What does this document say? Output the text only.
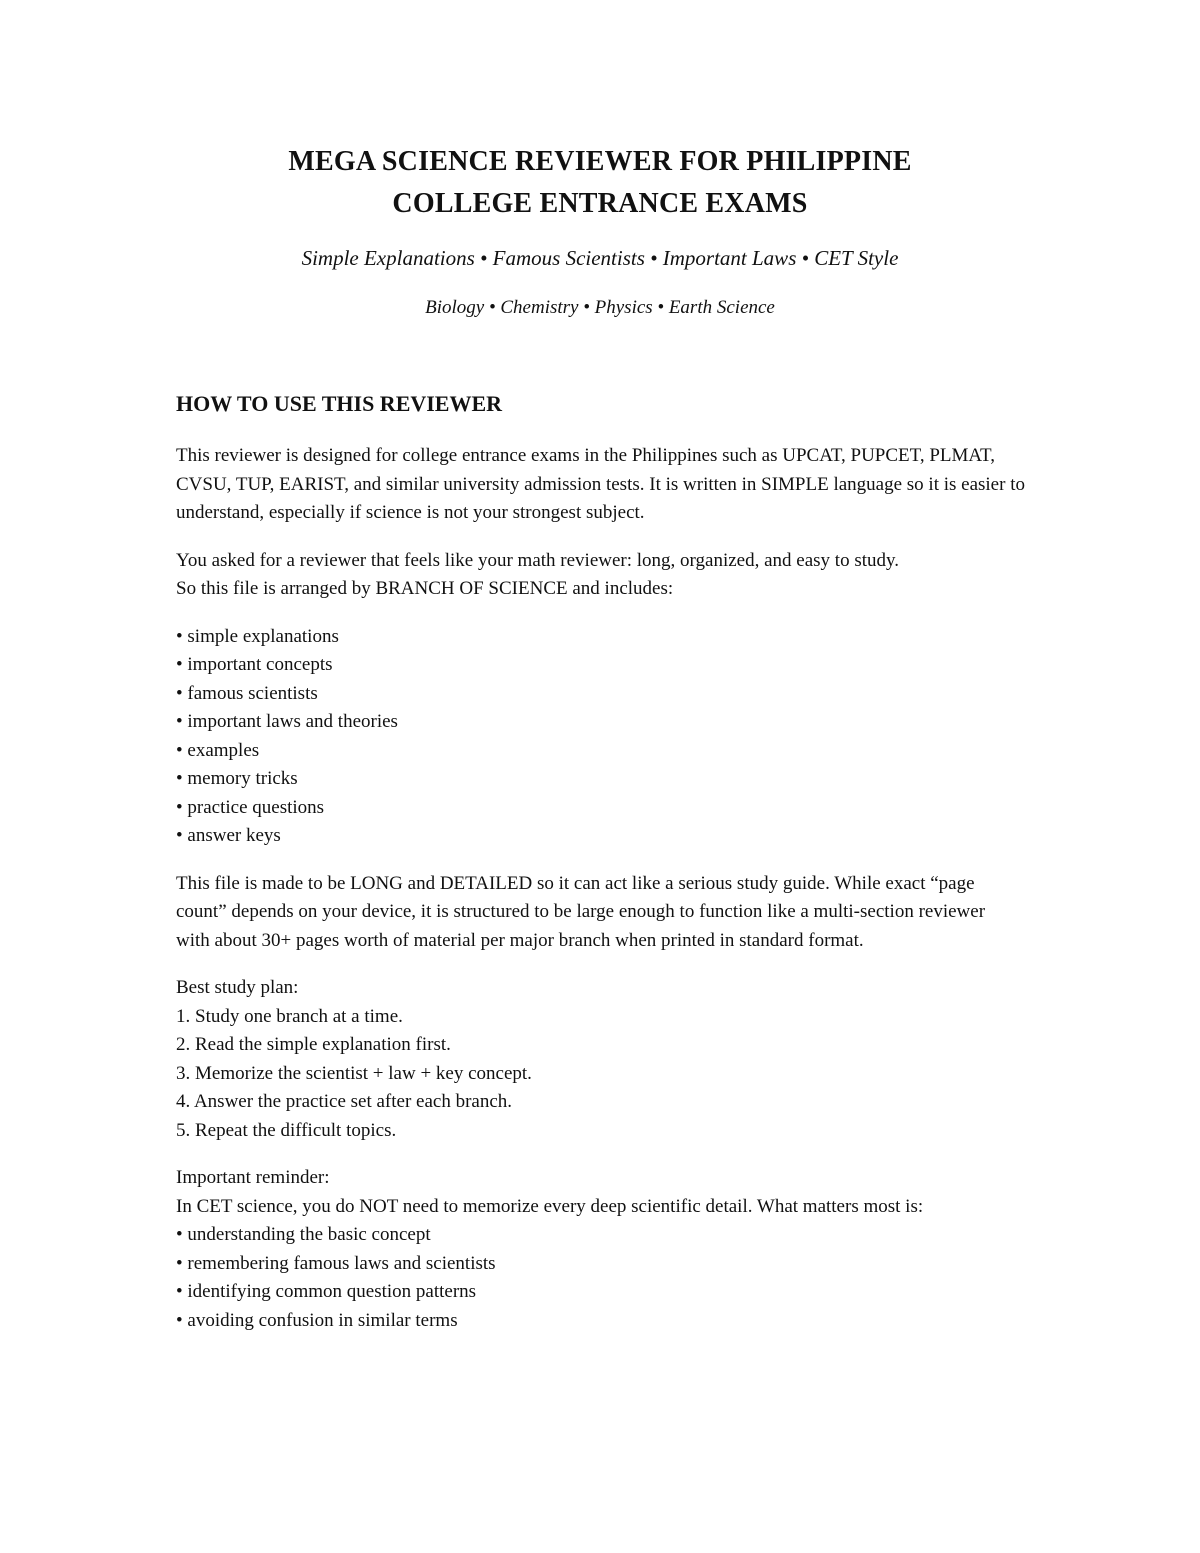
MEGA SCIENCE REVIEWER FOR PHILIPPINE
COLLEGE ENTRANCE EXAMS
Simple Explanations • Famous Scientists • Important Laws • CET Style
Biology • Chemistry • Physics • Earth Science
HOW TO USE THIS REVIEWER

This reviewer is designed for college entrance exams in the Philippines such as UPCAT, PUPCET, PLMAT, CVSU, TUP, EARIST, and similar university admission tests. It is written in SIMPLE language so it is easier to understand, especially if science is not your strongest subject.

You asked for a reviewer that feels like your math reviewer: long, organized, and easy to study.
So this file is arranged by BRANCH OF SCIENCE and includes:
• simple explanations
• important concepts
• famous scientists
• important laws and theories
• examples
• memory tricks
• practice questions
• answer keys

This file is made to be LONG and DETAILED so it can act like a serious study guide. While exact “page count” depends on your device, it is structured to be large enough to function like a multi-section reviewer with about 30+ pages worth of material per major branch when printed in standard format.

Best study plan:
1. Study one branch at a time.
2. Read the simple explanation first.
3. Memorize the scientist + law + key concept.
4. Answer the practice set after each branch.
5. Repeat the difficult topics.
Important reminder:
In CET science, you do NOT need to memorize every deep scientific detail. What matters most is:
• understanding the basic concept
• remembering famous laws and scientists
• identifying common question patterns
• avoiding confusion in similar terms
